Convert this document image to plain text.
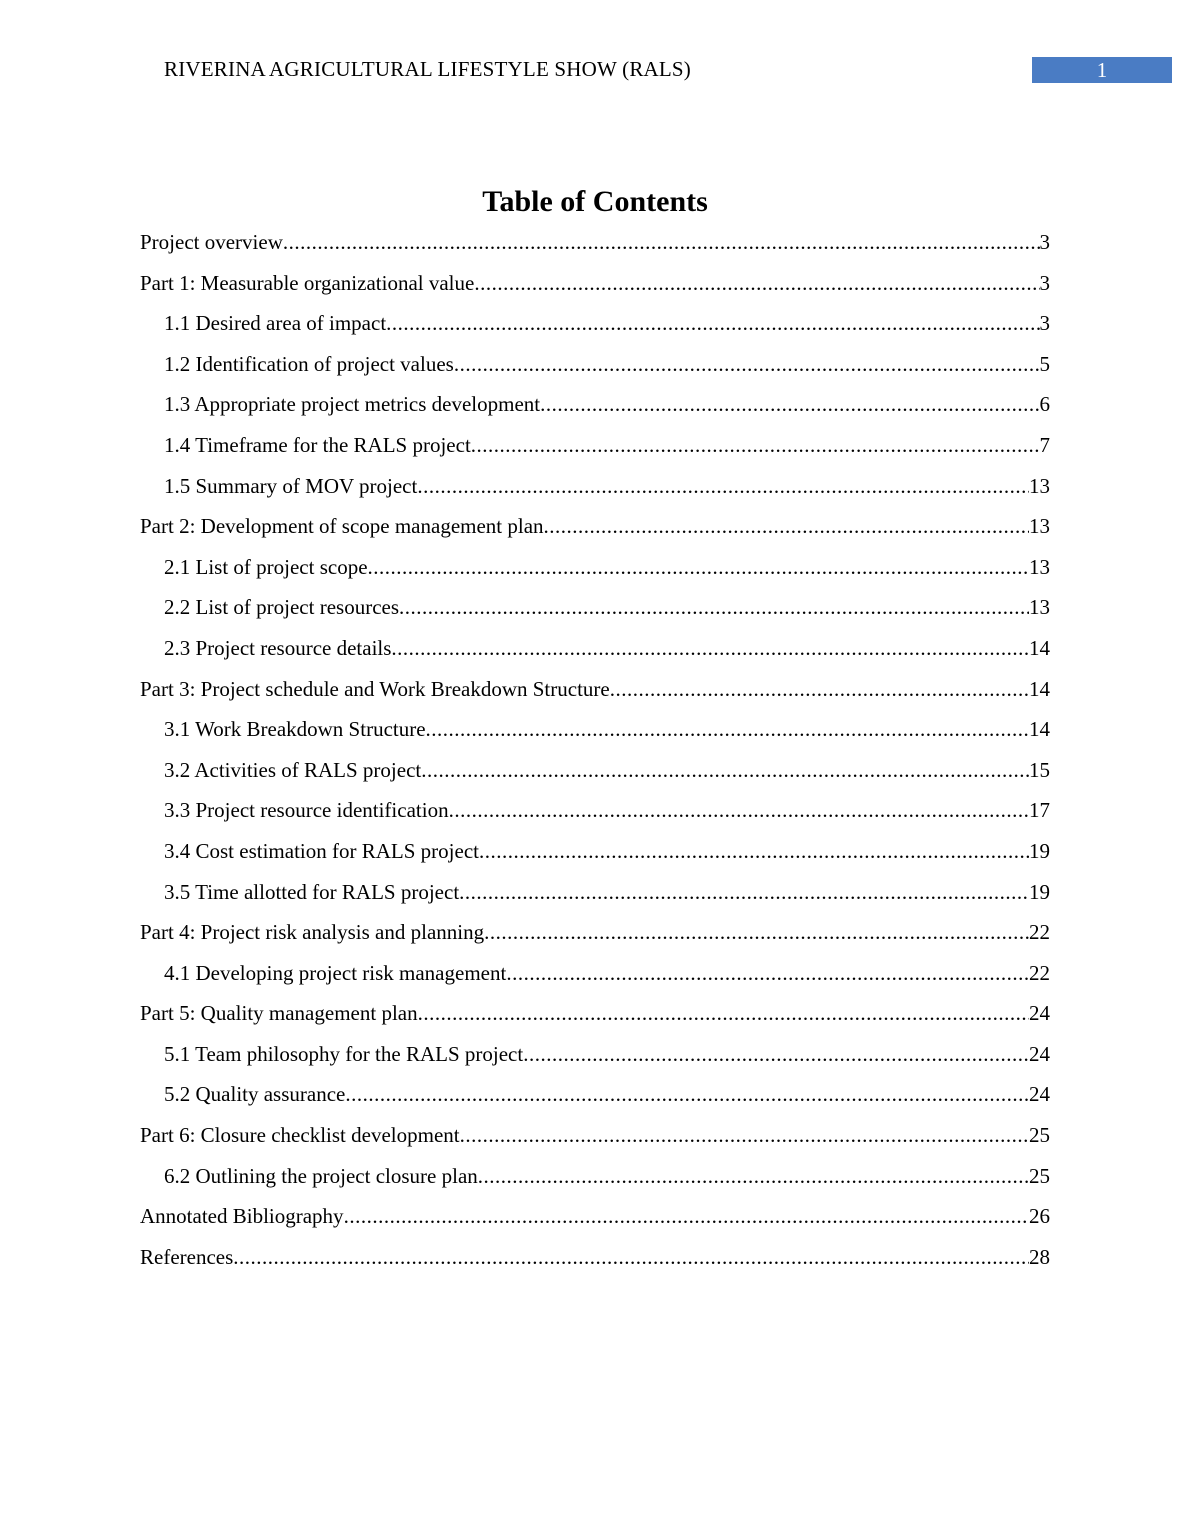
RIVERINA AGRICULTURAL LIFESTYLE SHOW (RALS)	1
Table of Contents
Project overview .....	3
Part 1: Measurable organizational value .....	3
1.1 Desired area of impact .....	3
1.2 Identification of project values .....	5
1.3 Appropriate project metrics development .....	6
1.4 Timeframe for the RALS project .....	7
1.5 Summary of MOV project .....	13
Part 2: Development of scope management plan .....	13
2.1 List of project scope .....	13
2.2 List of project resources .....	13
2.3 Project resource details .....	14
Part 3: Project schedule and Work Breakdown Structure .....	14
3.1 Work Breakdown Structure .....	14
3.2 Activities of RALS project .....	15
3.3 Project resource identification .....	17
3.4 Cost estimation for RALS project .....	19
3.5 Time allotted for RALS project .....	19
Part 4: Project risk analysis and planning .....	22
4.1 Developing project risk management .....	22
Part 5: Quality management plan .....	24
5.1 Team philosophy for the RALS project .....	24
5.2 Quality assurance .....	24
Part 6: Closure checklist development .....	25
6.2 Outlining the project closure plan .....	25
Annotated Bibliography .....	26
References .....	28
